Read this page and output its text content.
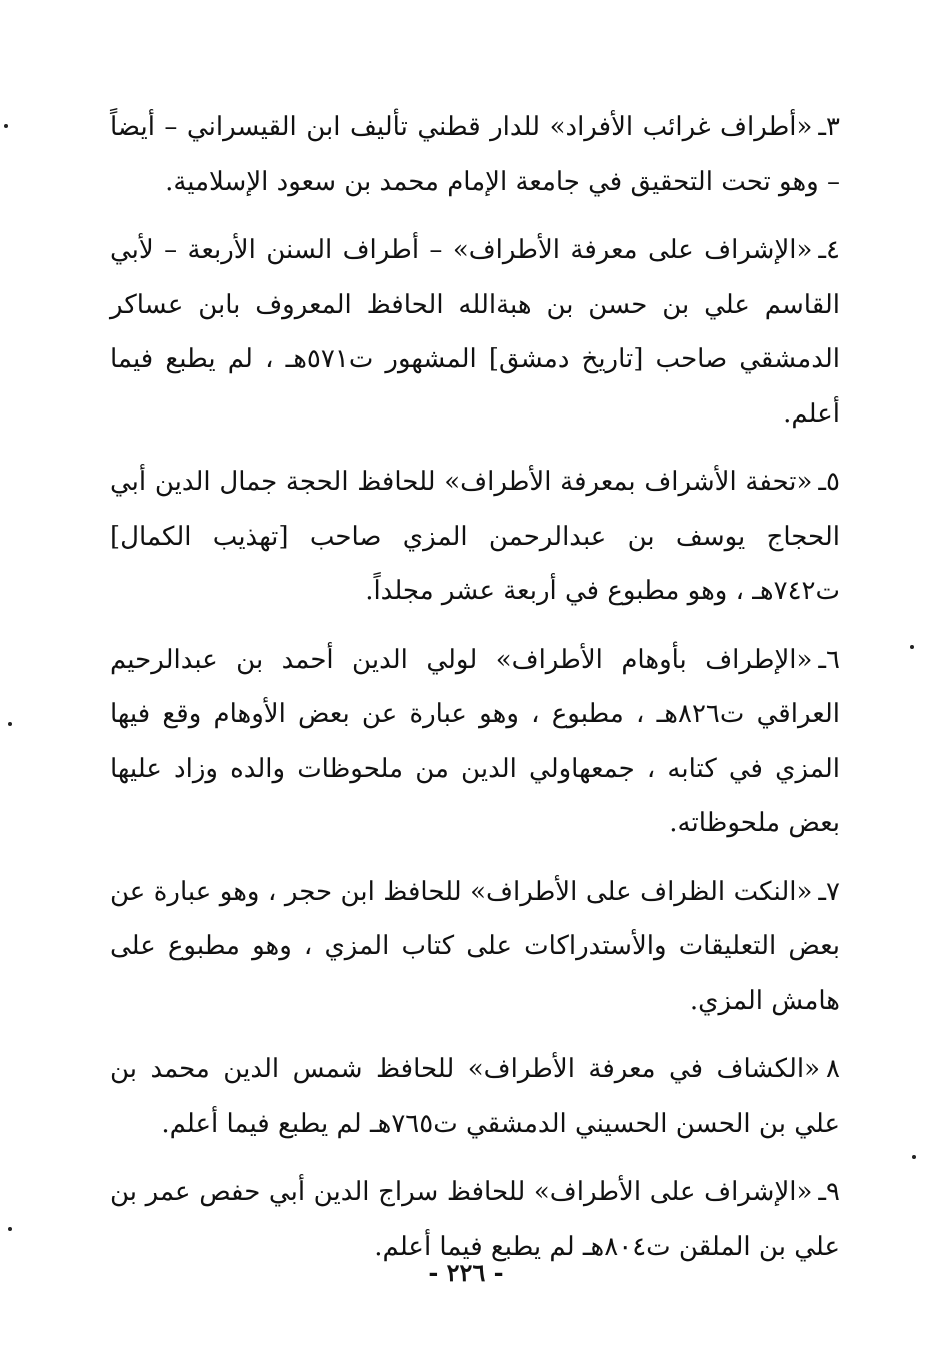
٣ـ«أطراف غرائب الأفراد» للدار قطني تأليف ابن القيسراني – أيضاً – وهو تحت التحقيق في جامعة الإمام محمد بن سعود الإسلامية.

٤ـ«الإشراف على معرفة الأطراف» – أطراف السنن الأربعة – لأبي القاسم علي بن حسن بن هبةالله الحافظ المعروف بابن عساكر الدمشقي صاحب [تاريخ دمشق] المشهور ت٥٧١هـ ، لم يطبع فيما أعلم.

٥ـ«تحفة الأشراف بمعرفة الأطراف» للحافظ الحجة جمال الدين أبي الحجاج يوسف بن عبدالرحمن المزي صاحب [تهذيب الكمال] ت٧٤٢هـ ، وهو مطبوع في أربعة عشر مجلداً.

٦ـ«الإطراف بأوهام الأطراف» لولي الدين أحمد بن عبدالرحيم العراقي ت٨٢٦هـ ، مطبوع ، وهو عبارة عن بعض الأوهام وقع فيها المزي في كتابه ، جمعهاولي الدين من ملحوظات والده وزاد عليها بعض ملحوظاته.

٧ـ«النكت الظراف على الأطراف» للحافظ ابن حجر ، وهو عبارة عن بعض التعليقات والأستدراكات على كتاب المزي ، وهو مطبوع على هامش المزي.

٨«الكشاف في معرفة الأطراف» للحافظ شمس الدين محمد بن علي بن الحسن الحسيني الدمشقي ت٧٦٥هـ لم يطبع فيما أعلم.

٩ـ«الإشراف على الأطراف» للحافظ سراج الدين أبي حفص عمر بن علي بن الملقن ت٨٠٤هـ لم يطبع فيما أعلم.

- ٢٢٦ -
